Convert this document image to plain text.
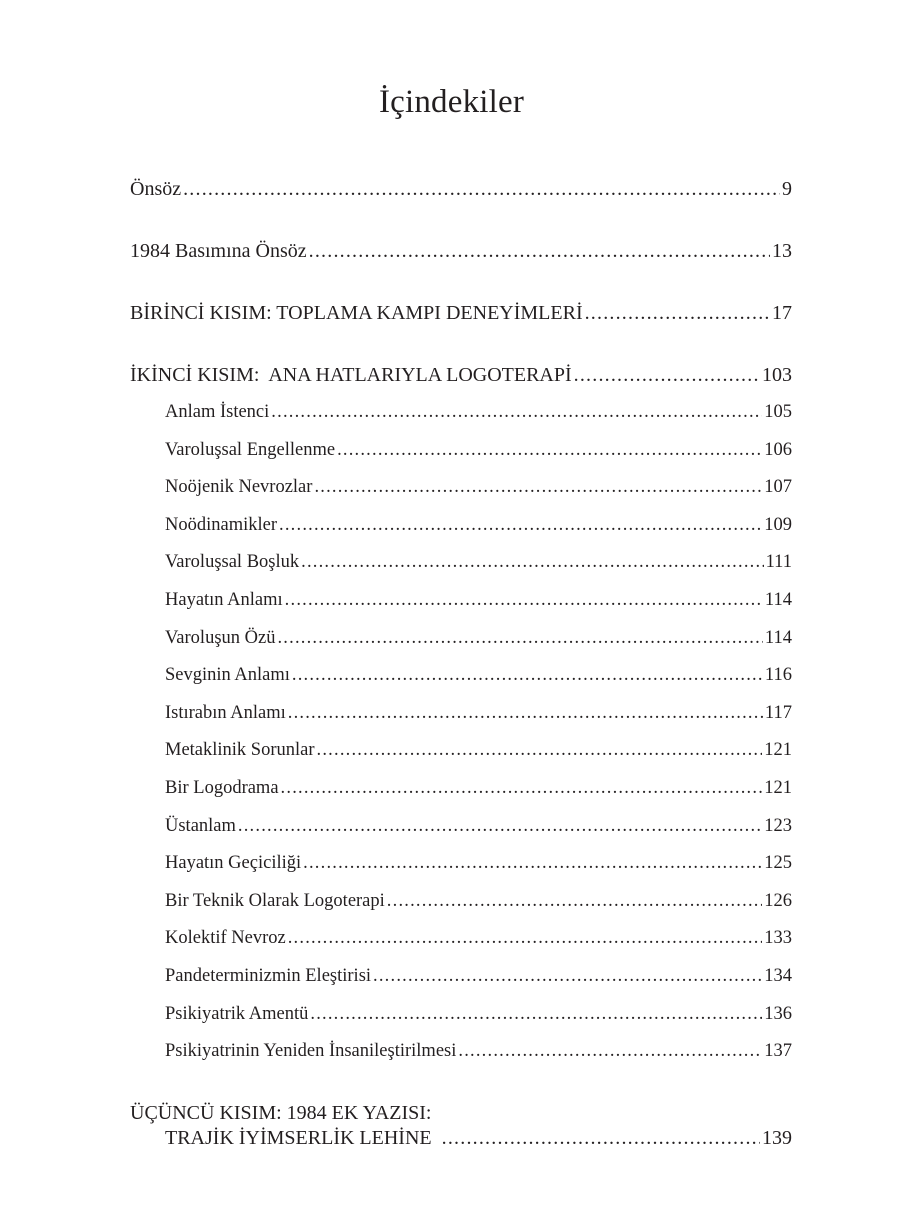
İçindekiler
Önsöz .....	9
1984 Basımına Önsöz .....	13
BİRİNCİ KISIM: TOPLAMA KAMPI DENEYİMLERİ .....	17
İKİNCİ KISIM:  ANA HATLARIYLA LOGOTERAPİ .....	103
Anlam İstenci .....	105
Varoluşsal Engellenme .....	106
Noöjenik Nevrozlar .....	107
Noödinamikler .....	109
Varoluşsal Boşluk .....	111
Hayatın Anlamı .....	114
Varoluşun Özü .....	114
Sevginin Anlamı .....	116
Istırabın Anlamı .....	117
Metaklinik Sorunlar .....	121
Bir Logodrama .....	121
Üstanlam .....	123
Hayatın Geçiciliği .....	125
Bir Teknik Olarak Logoterapi .....	126
Kolektif Nevroz .....	133
Pandeterminizmin Eleştirisi .....	134
Psikiyatrik Amentü .....	136
Psikiyatrinin Yeniden İnsanileştirilmesi .....	137
ÜÇÜNCÜ KISIM: 1984 EK YAZISI:
TRAJİK İYİMSERLİK LEHİNE .....	139
